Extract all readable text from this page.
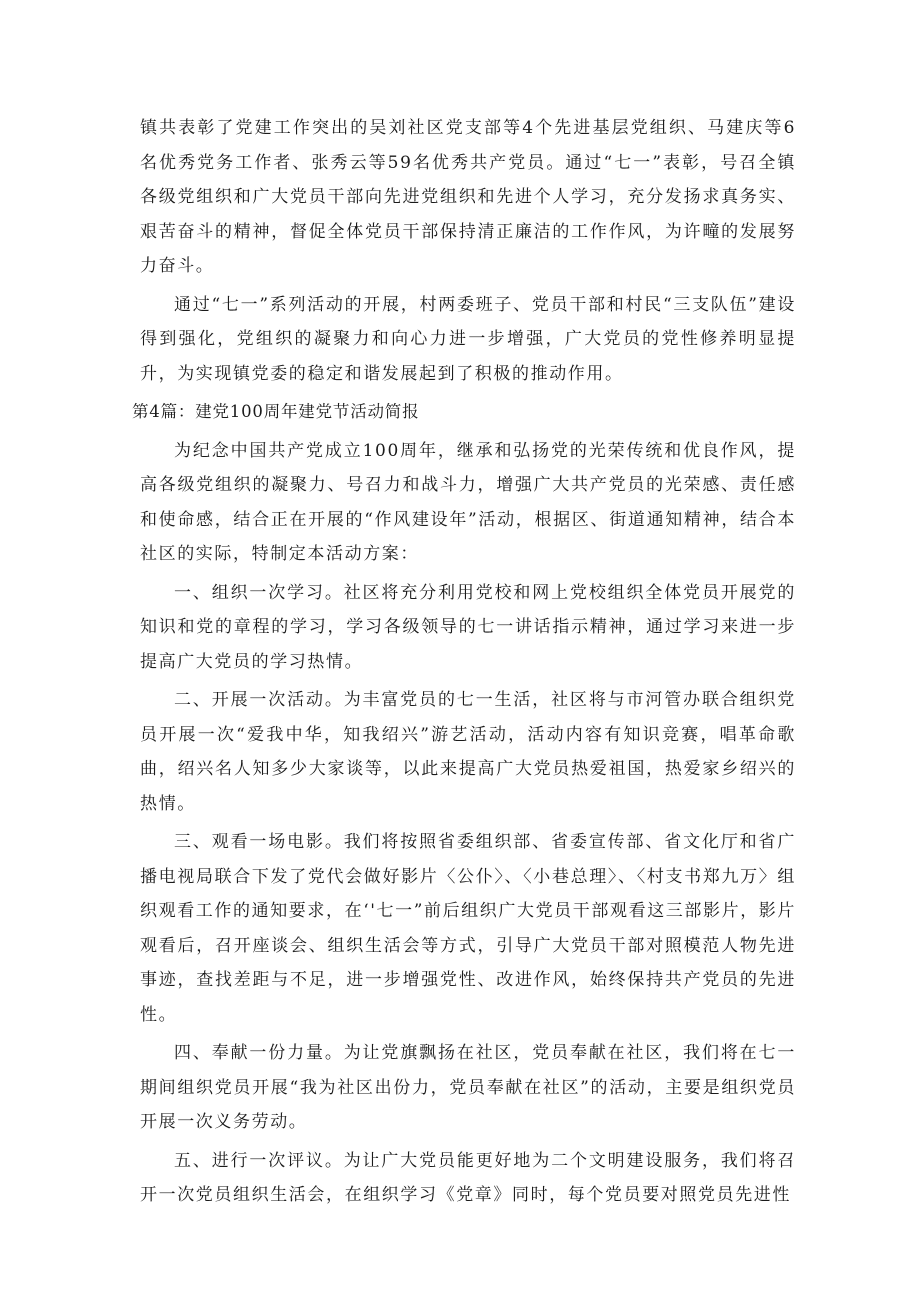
镇共表彰了党建工作突出的吴刘社区党支部等4个先进基层党组织、马建庆等6名优秀党务工作者、张秀云等59名优秀共产党员。通过“七一”表彰，号召全镇各级党组织和广大党员干部向先进党组织和先进个人学习，充分发扬求真务实、艰苦奋斗的精神，督促全体党员干部保持清正廉洁的工作作风，为许疃的发展努力奋斗。

通过“七一”系列活动的开展，村两委班子、党员干部和村民“三支队伍”建设得到强化，党组织的凝聚力和向心力进一步增强，广大党员的党性修养明显提升，为实现镇党委的稳定和谐发展起到了积极的推动作用。

第4篇：建党100周年建党节活动简报

为纪念中国共产党成立100周年，继承和弘扬党的光荣传统和优良作风，提高各级党组织的凝聚力、号召力和战斗力，增强广大共产党员的光荣感、责任感和使命感，结合正在开展的“作风建设年”活动，根据区、街道通知精神，结合本社区的实际，特制定本活动方案：

一、组织一次学习。社区将充分利用党校和网上党校组织全体党员开展党的知识和党的章程的学习，学习各级领导的七一讲话指示精神，通过学习来进一步提高广大党员的学习热情。

二、开展一次活动。为丰富党员的七一生活，社区将与市河管办联合组织党员开展一次“爱我中华，知我绍兴”游艺活动，活动内容有知识竞赛，唱革命歌曲，绍兴名人知多少大家谈等，以此来提高广大党员热爱祖国，热爱家乡绍兴的热情。

三、观看一场电影。我们将按照省委组织部、省委宣传部、省文化厅和省广播电视局联合下发了党代会做好影片〈公仆〉、〈小巷总理〉、〈村支书郑九万〉组织观看工作的通知要求，在‘'七一”前后组织广大党员干部观看这三部影片，影片观看后，召开座谈会、组织生活会等方式，引导广大党员干部对照模范人物先进事迹，查找差距与不足，进一步增强党性、改进作风，始终保持共产党员的先进性。

四、奉献一份力量。为让党旗飘扬在社区，党员奉献在社区，我们将在七一期间组织党员开展“我为社区出份力，党员奉献在社区”的活动，主要是组织党员开展一次义务劳动。

五、进行一次评议。为让广大党员能更好地为二个文明建设服务，我们将召开一次党员组织生活会，在组织学习《党章》同时，每个党员要对照党员先进性
